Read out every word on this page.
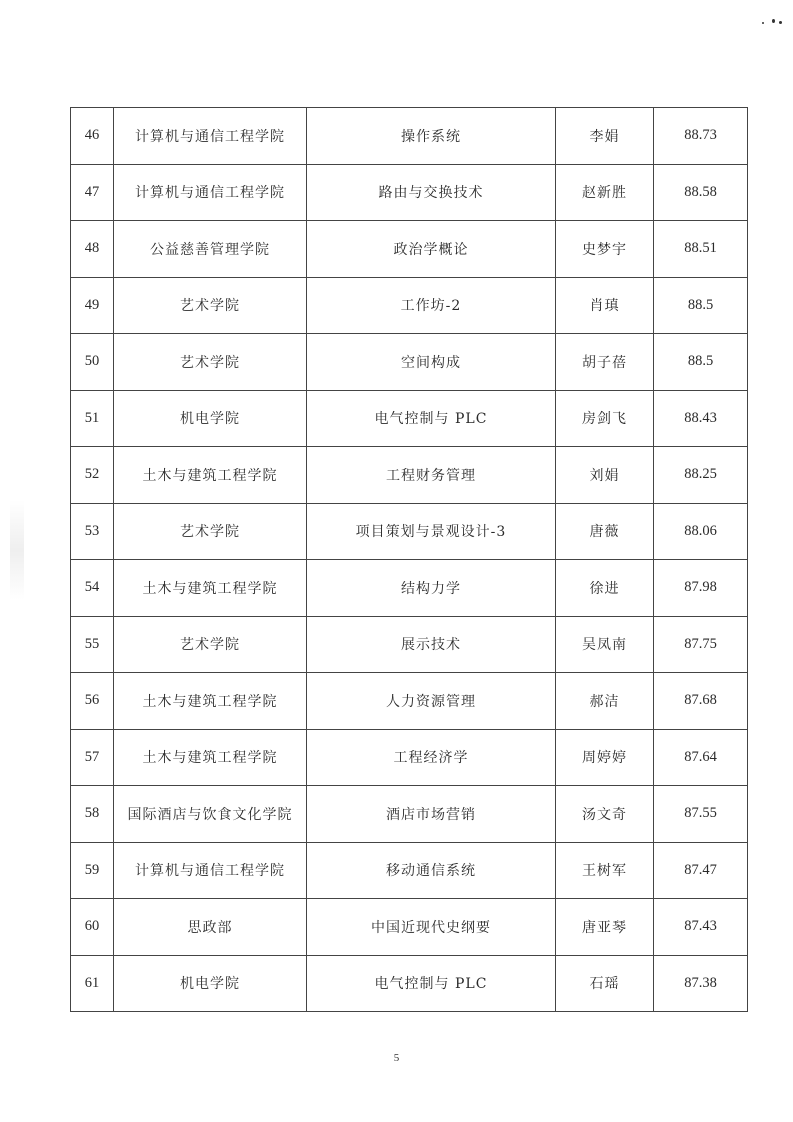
46	计算机与通信工程学院	操作系统	李娟	88.73
47	计算机与通信工程学院	路由与交换技术	赵新胜	88.58
48	公益慈善管理学院	政治学概论	史梦宇	88.51
49	艺术学院	工作坊-2	肖瑱	88.5
50	艺术学院	空间构成	胡子蓓	88.5
51	机电学院	电气控制与 PLC	房剑飞	88.43
52	土木与建筑工程学院	工程财务管理	刘娟	88.25
53	艺术学院	项目策划与景观设计-3	唐薇	88.06
54	土木与建筑工程学院	结构力学	徐进	87.98
55	艺术学院	展示技术	吴凤南	87.75
56	土木与建筑工程学院	人力资源管理	郝洁	87.68
57	土木与建筑工程学院	工程经济学	周婷婷	87.64
58	国际酒店与饮食文化学院	酒店市场营销	汤文奇	87.55
59	计算机与通信工程学院	移动通信系统	王树军	87.47
60	思政部	中国近现代史纲要	唐亚琴	87.43
61	机电学院	电气控制与 PLC	石瑶	87.38
5
